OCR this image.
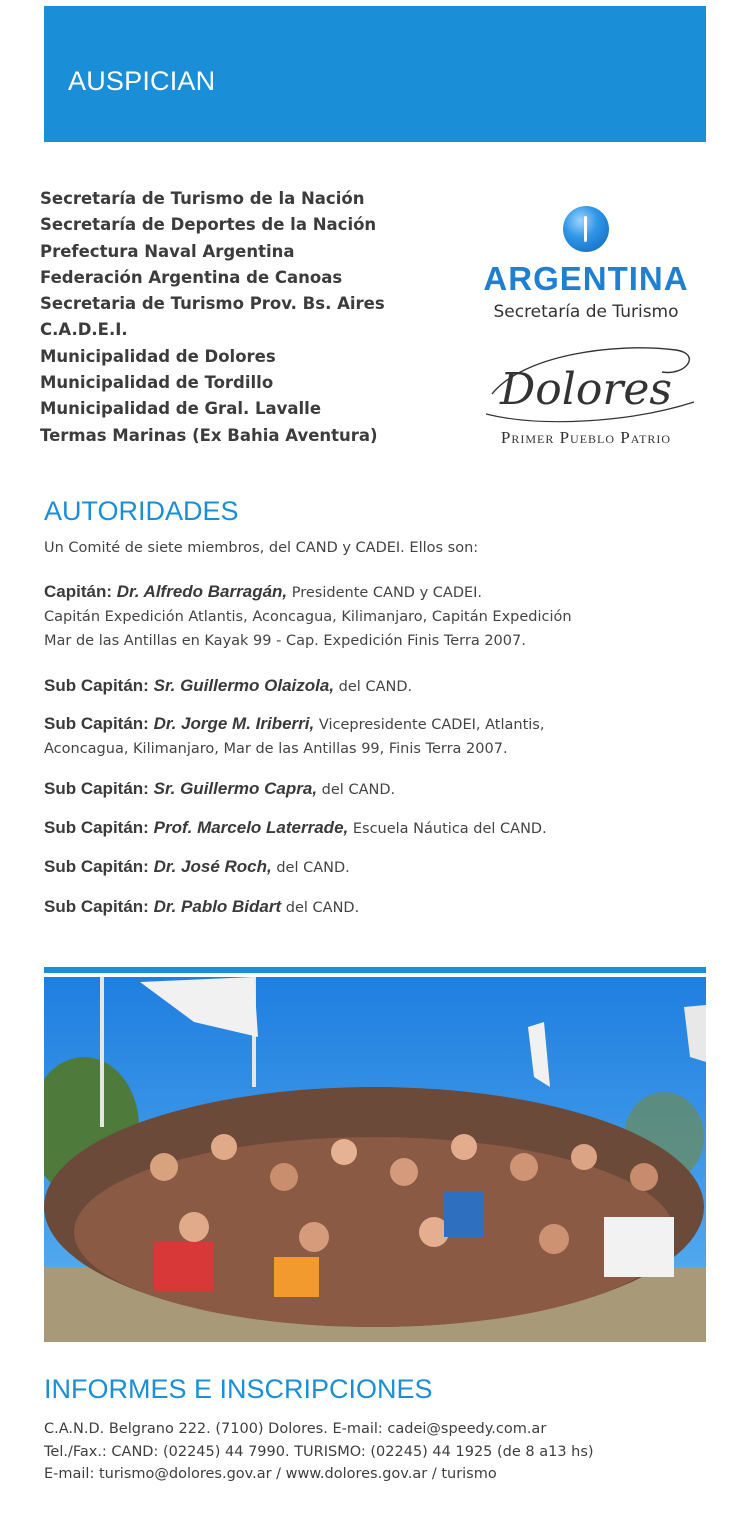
AUSPICIAN
Secretaría de Turismo de la Nación
Secretaría de Deportes de la Nación
Prefectura Naval Argentina
Federación Argentina de Canoas
Secretaria de Turismo Prov. Bs. Aires
C.A.D.E.I.
Municipalidad de Dolores
Municipalidad de Tordillo
Municipalidad de Gral. Lavalle
Termas Marinas (Ex Bahia Aventura)
ARGENTINA
Secretaría de Turismo
Dolores
Primer Pueblo Patrio
AUTORIDADES

Un Comité de siete miembros, del CAND y CADEI. Ellos son:

Capitán: Dr. Alfredo Barragán, Presidente CAND y CADEI.
Capitán Expedición Atlantis, Aconcagua, Kilimanjaro, Capitán Expedición
Mar de las Antillas en Kayak 99 - Cap. Expedición Finis Terra 2007.

Sub Capitán: Sr. Guillermo Olaizola, del CAND.

Sub Capitán: Dr. Jorge M. Iriberri, Vicepresidente CADEI, Atlantis,
Aconcagua, Kilimanjaro, Mar de las Antillas 99, Finis Terra 2007.

Sub Capitán: Sr. Guillermo Capra, del CAND.

Sub Capitán: Prof. Marcelo Laterrade, Escuela Náutica del CAND.

Sub Capitán: Dr. José Roch, del CAND.

Sub Capitán: Dr. Pablo Bidart del CAND.

INFORMES E INSCRIPCIONES

C.A.N.D. Belgrano 222. (7100) Dolores. E-mail: cadei@speedy.com.ar
Tel./Fax.: CAND: (02245) 44 7990. TURISMO: (02245) 44 1925 (de 8 a13 hs)
E-mail: turismo@dolores.gov.ar / www.dolores.gov.ar / turismo
